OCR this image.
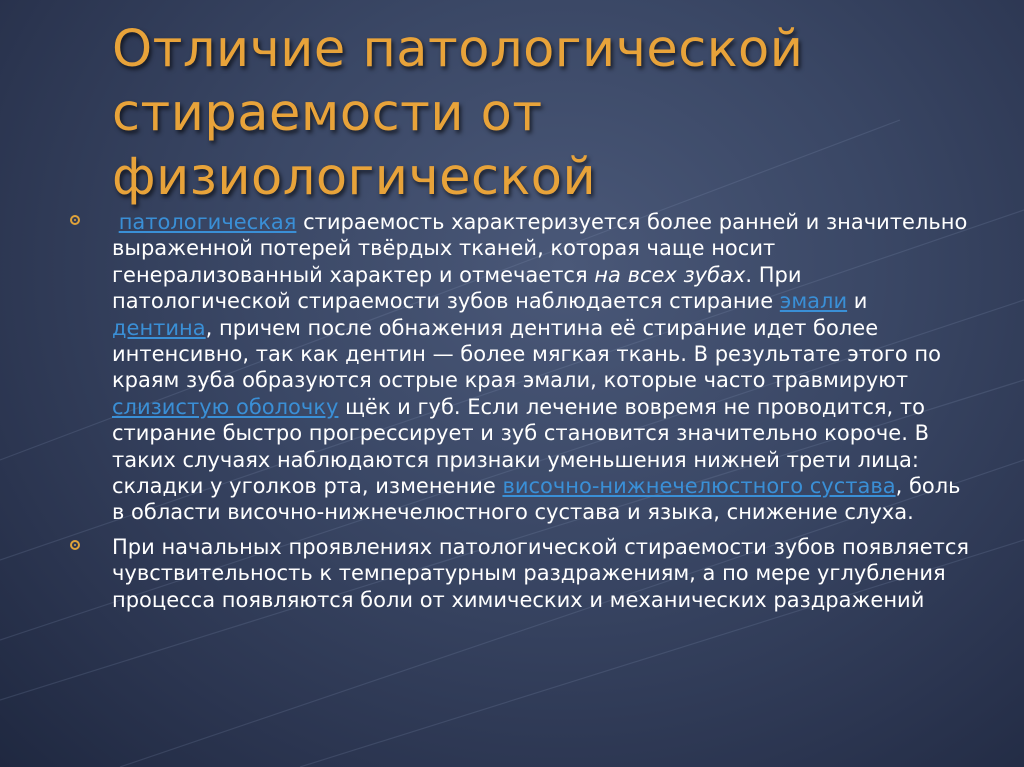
Отличие патологической стираемости от физиологической

патологическая стираемость характеризуется более ранней и значительно выраженной потерей твёрдых тканей, которая чаще носит генерализованный характер и отмечается на всех зубах. При патологической стираемости зубов наблюдается стирание эмали и дентина, причем после обнажения дентина её стирание идет более интенсивно, так как дентин — более мягкая ткань. В результате этого по краям зуба образуются острые края эмали, которые часто травмируют слизистую оболочку щёк и губ. Если лечение вовремя не проводится, то стирание быстро прогрессирует и зуб становится значительно короче. В таких случаях наблюдаются признаки уменьшения нижней трети лица: складки у уголков рта, изменение височно-нижнечелюстного сустава, боль в области височно-нижнечелюстного сустава и языка, снижение слуха.

При начальных проявлениях патологической стираемости зубов появляется чувствительность к температурным раздражениям, а по мере углубления процесса появляются боли от химических и механических раздражений
